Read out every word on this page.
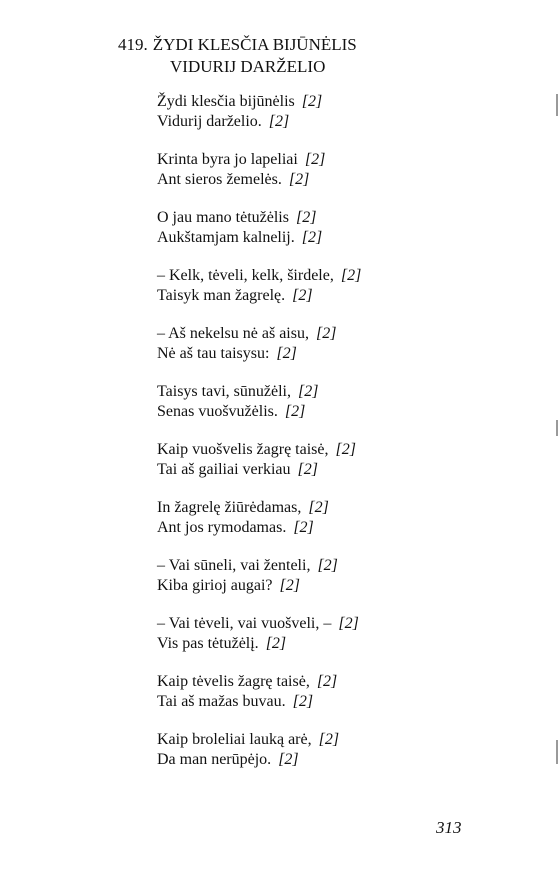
419. ŽYDI KLESČIA BIJŪNĖLIS
VIDURIJ DARŽELIO
Žydi klesčia bijūnėlis [2]
Vidurij darželio. [2]
Krinta byra jo lapeliai [2]
Ant sieros žemelės. [2]
O jau mano tėtužėlis [2]
Aukštamjam kalnelij. [2]
– Kelk, tėveli, kelk, širdele, [2]
Taisyk man žagrelę. [2]
– Aš nekelsu nė aš aisu, [2]
Nė aš tau taisysu: [2]
Taisys tavi, sūnužėli, [2]
Senas vuošvužėlis. [2]
Kaip vuošvelis žagrę taisė, [2]
Tai aš gailiai verkiau [2]
In žagrelę žiūrėdamas, [2]
Ant jos rymodamas. [2]
– Vai sūneli, vai ženteli, [2]
Kiba girioj augai? [2]
– Vai tėveli, vai vuošveli, – [2]
Vis pas tėtužėlį. [2]
Kaip tėvelis žagrę taisė, [2]
Tai aš mažas buvau. [2]
Kaip broleliai lauką arė, [2]
Da man nerūpėjo. [2]
313
